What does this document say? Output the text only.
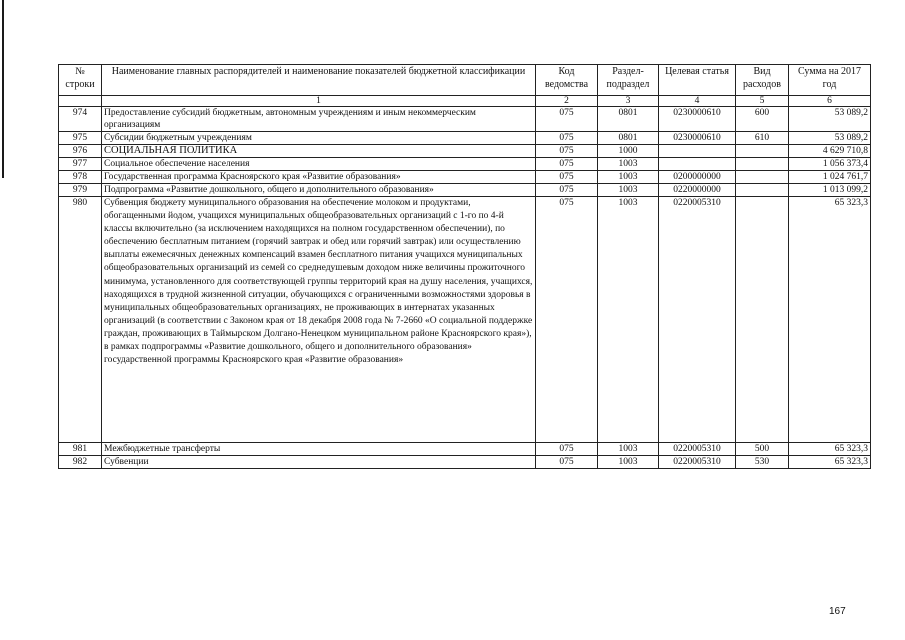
№ строки	Наименование главных распорядителей и наименование показателей бюджетной классификации	Код ведомства	Раздел-подраздел	Целевая статья	Вид расходов	Сумма на 2017 год
	1	2	3	4	5	6
974	Предоставление субсидий бюджетным, автономным учреждениям и иным некоммерческим организациям	075	0801	0230000610	600	53 089,2
975	Субсидии бюджетным учреждениям	075	0801	0230000610	610	53 089,2
976	СОЦИАЛЬНАЯ ПОЛИТИКА	075	1000			4 629 710,8
977	Социальное обеспечение населения	075	1003			1 056 373,4
978	Государственная программа Красноярского края «Развитие образования»	075	1003	0200000000		1 024 761,7
979	Подпрограмма «Развитие дошкольного, общего и дополнительного образования»	075	1003	0220000000		1 013 099,2
980	Субвенция бюджету муниципального образования на обеспечение молоком и продуктами, обогащенными йодом, учащихся муниципальных общеобразовательных организаций с 1-го по 4-й классы включительно (за исключением находящихся на полном государственном обеспечении), по обеспечению бесплатным питанием (горячий завтрак и обед или горячий завтрак) или осуществлению выплаты ежемесячных денежных компенсаций взамен бесплатного питания учащихся муниципальных общеобразовательных организаций из семей со среднедушевым доходом ниже величины прожиточного минимума, установленного для соответствующей группы территорий края на душу населения, учащихся, находящихся в трудной жизненной ситуации, обучающихся с ограниченными возможностями здоровья в муниципальных общеобразовательных организациях, не проживающих в интернатах указанных организаций (в соответствии с Законом края от 18 декабря 2008 года № 7-2660 «О социальной поддержке граждан, проживающих в Таймырском Долгано-Ненецком муниципальном районе Красноярского края»), в рамках подпрограммы «Развитие дошкольного, общего и дополнительного образования» государственной программы Красноярского края «Развитие образования»	075	1003	0220005310		65 323,3
981	Межбюджетные трансферты	075	1003	0220005310	500	65 323,3
982	Субвенции	075	1003	0220005310	530	65 323,3
167
